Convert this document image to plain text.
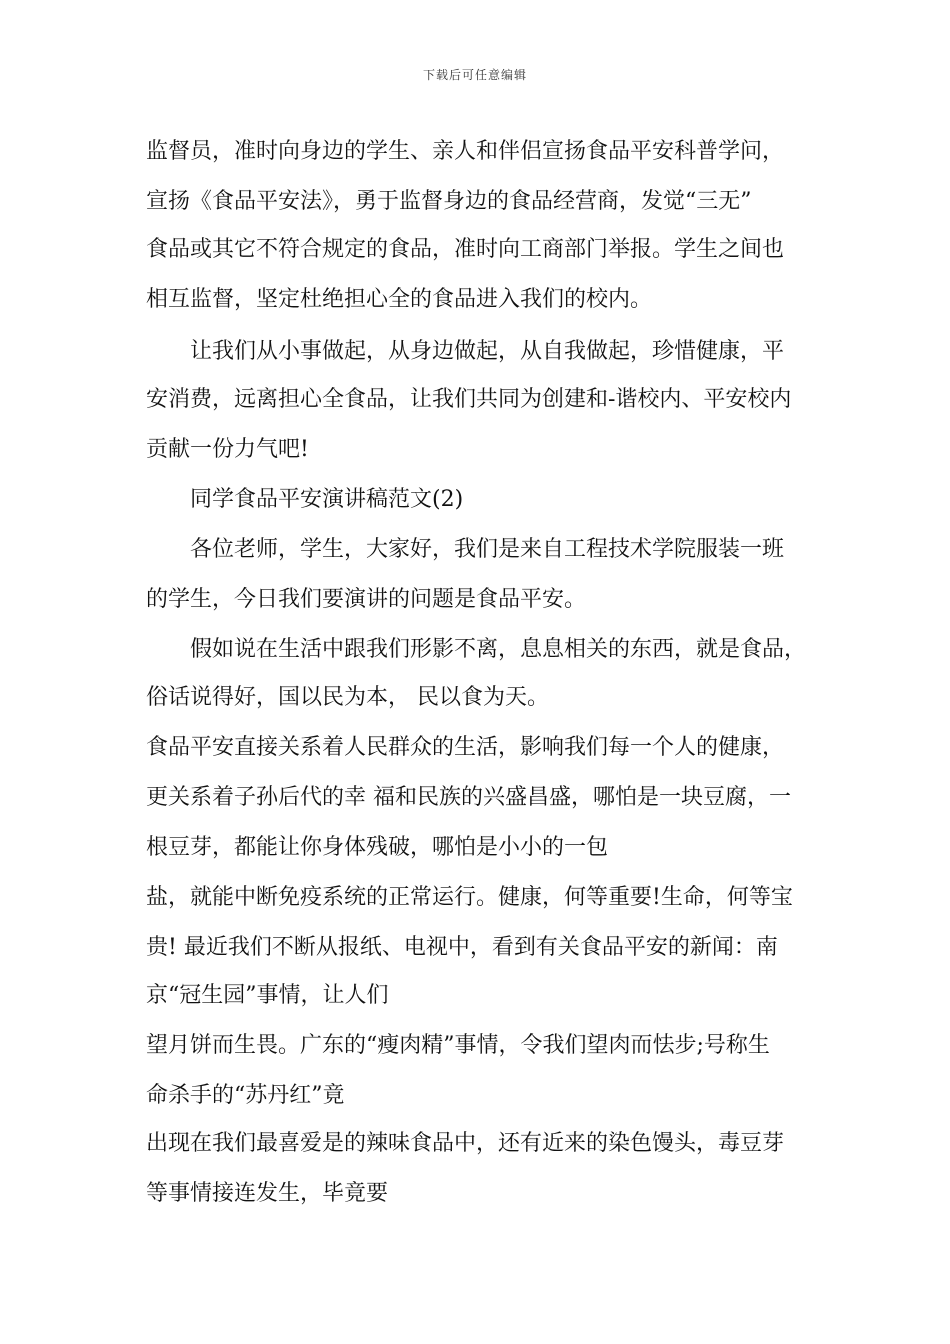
下载后可任意编辑
监督员，准时向身边的学生、亲人和伴侣宣扬食品平安科普学问，
宣扬《食品平安法》，勇于监督身边的食品经营商，发觉“三无”
食品或其它不符合规定的食品，准时向工商部门举报。学生之间也
相互监督，坚定杜绝担心全的食品进入我们的校内。
让我们从小事做起，从身边做起，从自我做起，珍惜健康，平
安消费，远离担心全食品，让我们共同为创建和-谐校内、平安校内
贡献一份力气吧!
同学食品平安演讲稿范文(2)
各位老师，学生，大家好，我们是来自工程技术学院服装一班
的学生，今日我们要演讲的问题是食品平安。
假如说在生活中跟我们形影不离，息息相关的东西，就是食品，
俗话说得好，国以民为本， 民以食为天。
食品平安直接关系着人民群众的生活，影响我们每一个人的健康，
更关系着子孙后代的幸 福和民族的兴盛昌盛，哪怕是一块豆腐，一
根豆芽，都能让你身体残破，哪怕是小小的一包
盐，就能中断免疫系统的正常运行。健康，何等重要!生命，何等宝
贵! 最近我们不断从报纸、电视中，看到有关食品平安的新闻：南
京“冠生园”事情，让人们
望月饼而生畏。广东的“瘦肉精”事情，令我们望肉而怯步;号称生
命杀手的“苏丹红”竟
出现在我们最喜爱是的辣味食品中，还有近来的染色馒头，毒豆芽
等事情接连发生，毕竟要
